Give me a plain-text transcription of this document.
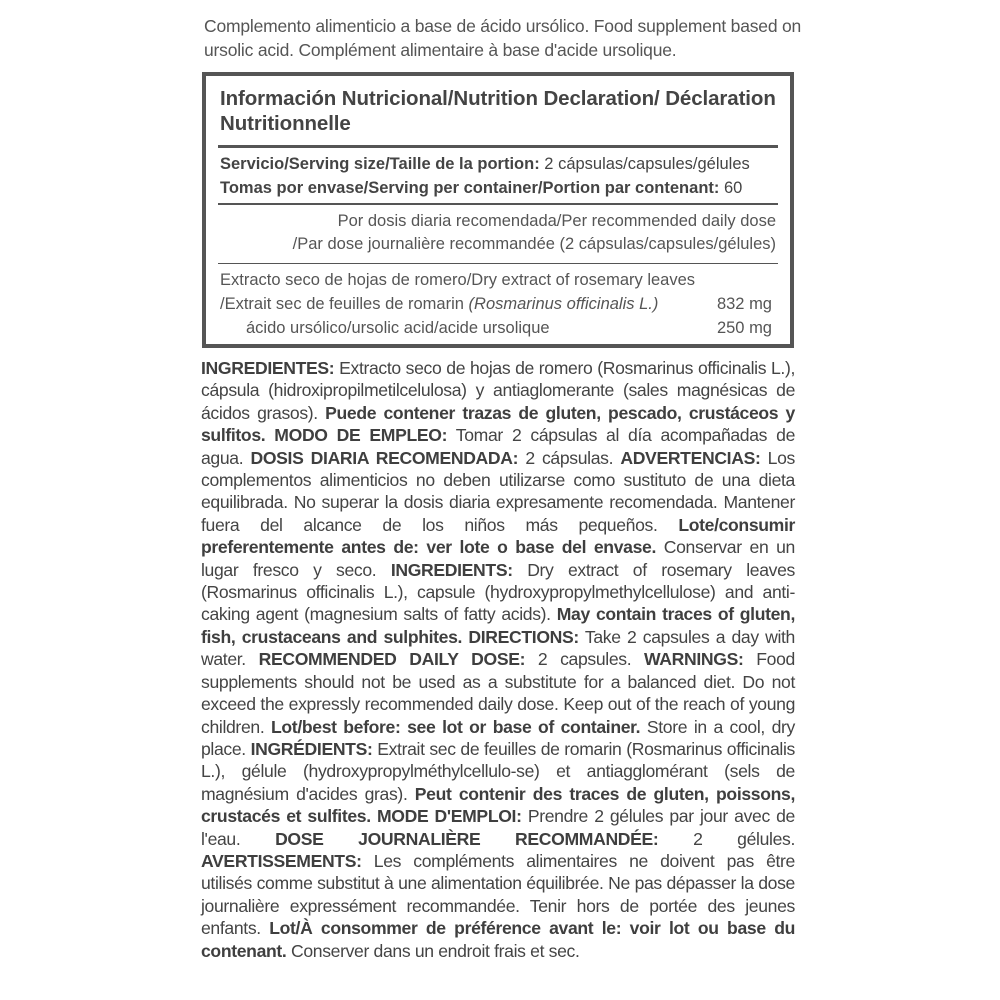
Complemento alimenticio a base de ácido ursólico. Food supplement based on ursolic acid. Complément alimentaire à base d'acide ursolique.
Información Nutricional/Nutrition Declaration/ Déclaration Nutritionnelle
Servicio/Serving size/Taille de la portion: 2 cápsulas/capsules/gélules
Tomas por envase/Serving per container/Portion par contenant: 60
Por dosis diaria recomendada/Per recommended daily dose
/Par dose journalière recommandée (2 cápsulas/capsules/gélules)
Extracto seco de hojas de romero/Dry extract of rosemary leaves
/Extrait sec de feuilles de romarin (Rosmarinus officinalis L.)	832 mg
ácido ursólico/ursolic acid/acide ursolique	250 mg
INGREDIENTES: Extracto seco de hojas de romero (Rosmarinus officinalis L.), cápsula (hidroxipropilmetilcelulosa) y antiaglomerante (sales magnésicas de ácidos grasos). Puede contener trazas de gluten, pescado, crustáceos y sulfitos. MODO DE EMPLEO: Tomar 2 cápsulas al día acompañadas de agua. DOSIS DIARIA RECOMENDADA: 2 cápsulas. ADVERTENCIAS: Los complementos alimenticios no deben utilizarse como sustituto de una dieta equilibrada. No superar la dosis diaria expresamente recomendada. Mantener fuera del alcance de los niños más pequeños. Lote/consumir preferentemente antes de: ver lote o base del envase. Conservar en un lugar fresco y seco. INGREDIENTS: Dry extract of rosemary leaves (Rosmarinus officinalis L.), capsule (hydroxypropylmethylcellulose) and anti-caking agent (magnesium salts of fatty acids). May contain traces of gluten, fish, crustaceans and sulphites. DIRECTIONS: Take 2 capsules a day with water. RECOMMENDED DAILY DOSE: 2 capsules. WARNINGS: Food supplements should not be used as a substitute for a balanced diet. Do not exceed the expressly recommended daily dose. Keep out of the reach of young children. Lot/best before: see lot or base of container. Store in a cool, dry place. INGRÉDIENTS: Extrait sec de feuilles de romarin (Rosmarinus officinalis L.), gélule (hydroxypropylméthylcellulo-se) et antiagglomérant (sels de magnésium d'acides gras). Peut contenir des traces de gluten, poissons, crustacés et sulfites. MODE D'EMPLOI: Prendre 2 gélules par jour avec de l'eau. DOSE JOURNALIÈRE RECOMMANDÉE: 2 gélules. AVERTISSEMENTS: Les compléments alimentaires ne doivent pas être utilisés comme substitut à une alimentation équilibrée. Ne pas dépasser la dose journalière expressément recommandée. Tenir hors de portée des jeunes enfants. Lot/À consommer de préférence avant le: voir lot ou base du contenant. Conserver dans un endroit frais et sec.
